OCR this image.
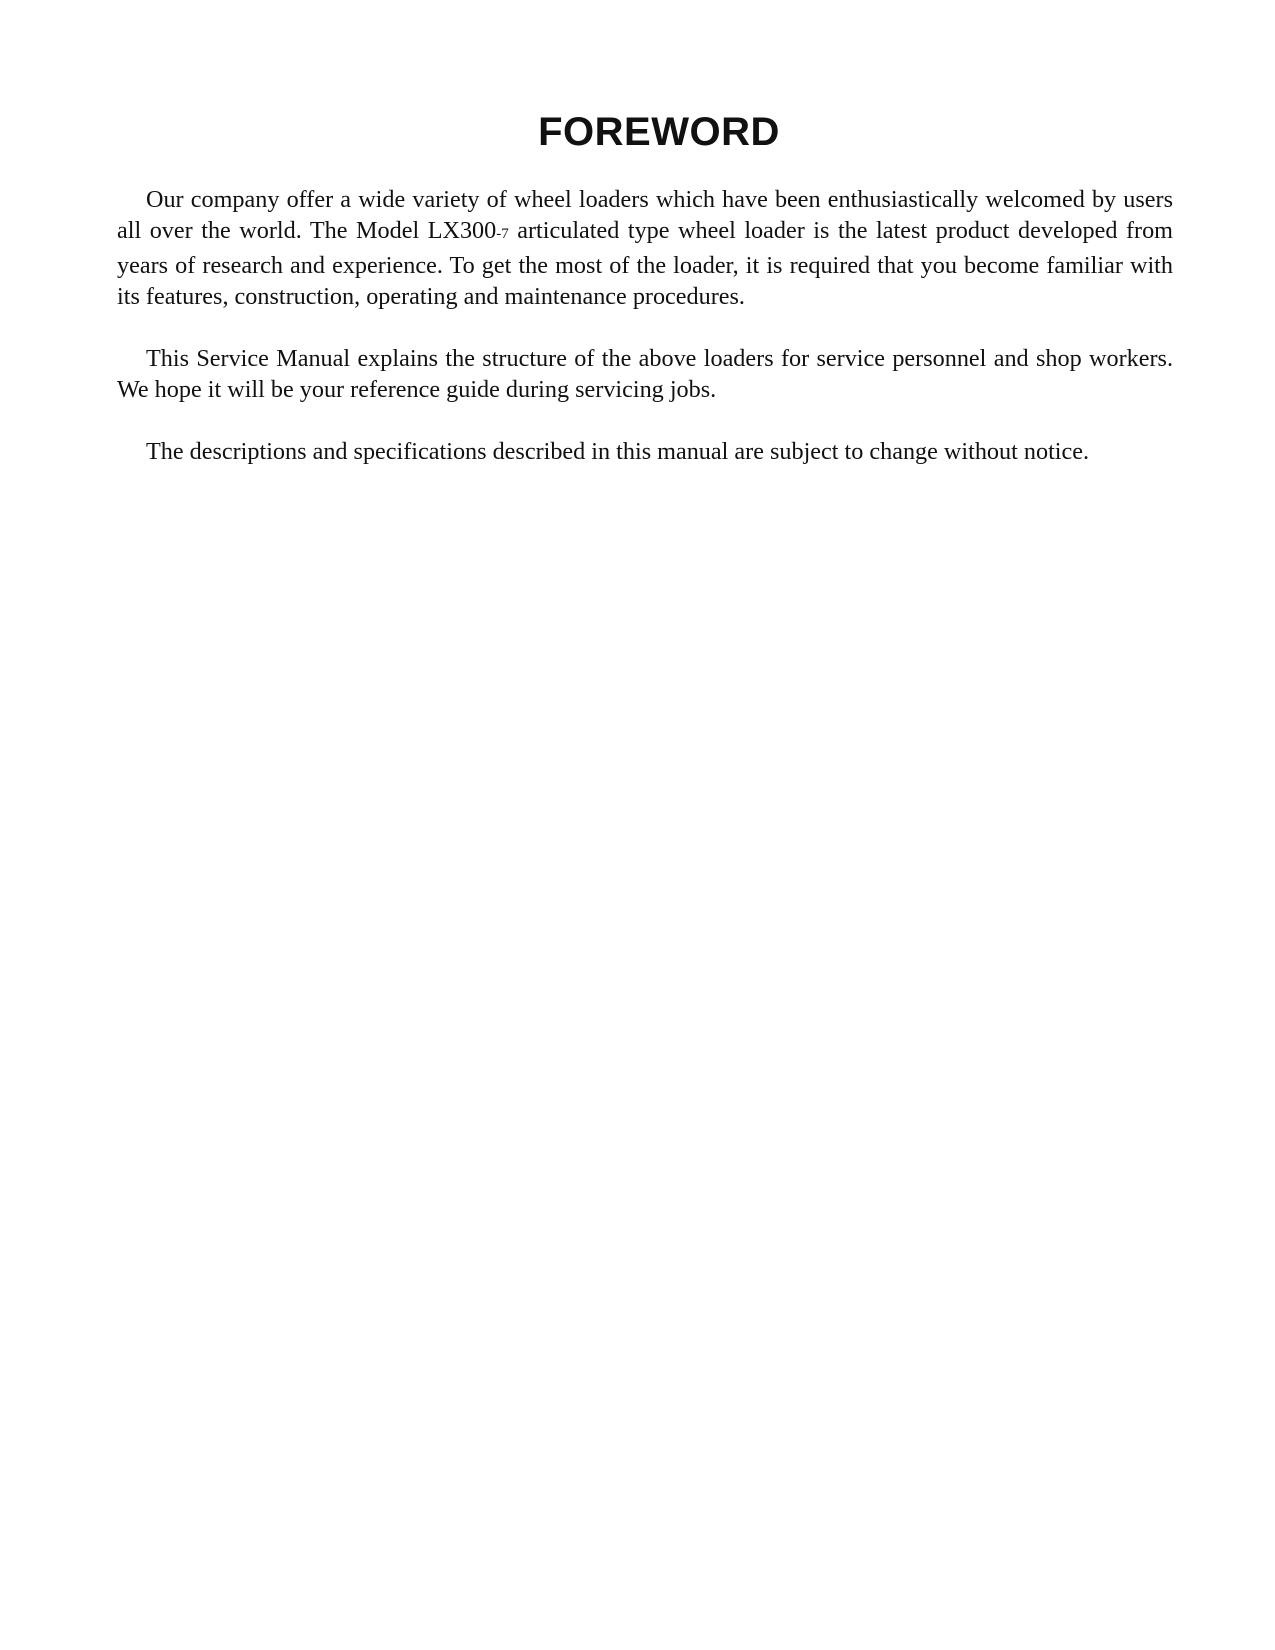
FOREWORD

Our company offer a wide variety of wheel loaders which have been enthusiastically welcomed by users all over the world. The Model LX300-7 articulated type wheel loader is the latest product developed from years of research and experience. To get the most of the loader, it is required that you become familiar with its features, construction, operating and maintenance procedures.

This Service Manual explains the structure of the above loaders for service personnel and shop workers. We hope it will be your reference guide during servicing jobs.

The descriptions and specifications described in this manual are subject to change without notice.
